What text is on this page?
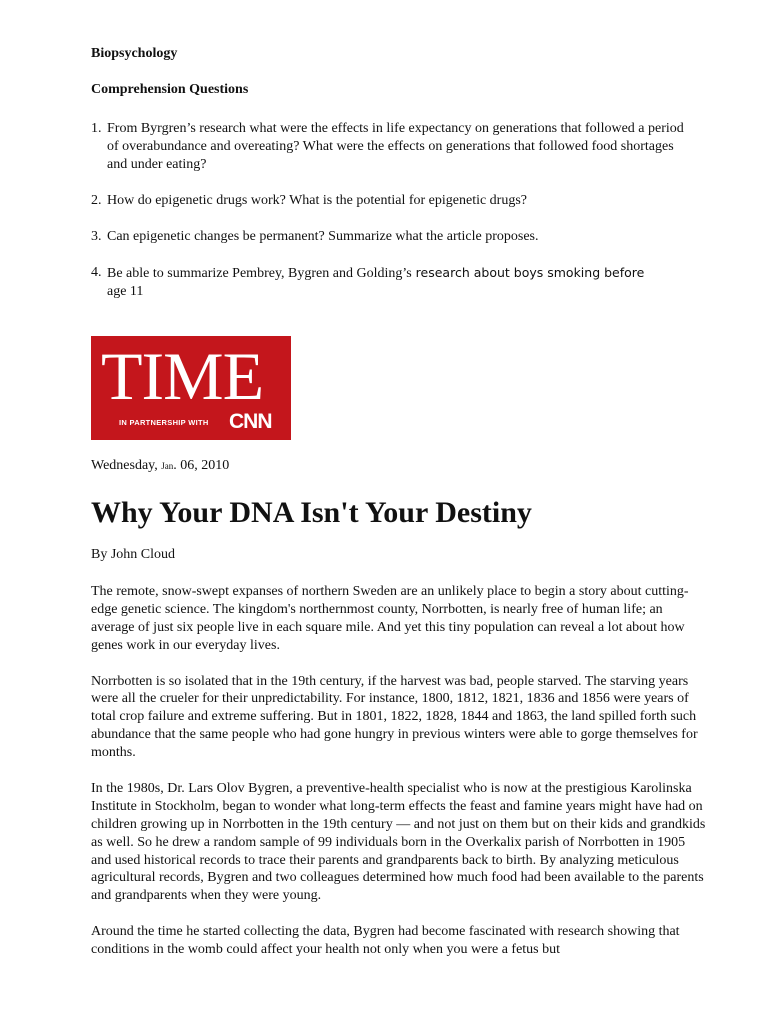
Biopsychology
Comprehension Questions
1. From Byrgren’s research what were the effects in life expectancy on generations that followed a period of overabundance and overeating? What were the effects on generations that followed food shortages and under eating?
2. How do epigenetic drugs work? What is the potential for epigenetic drugs?
3. Can epigenetic changes be permanent? Summarize what the article proposes.
4. Be able to summarize Pembrey, Bygren and Golding’s research about boys smoking before
age 11
TIME
IN PARTNERSHIP WITH CNN
Wednesday, Jan. 06, 2010
Why Your DNA Isn't Your Destiny
By John Cloud

The remote, snow-swept expanses of northern Sweden are an unlikely place to begin a story about cutting-edge genetic science. The kingdom's northernmost county, Norrbotten, is nearly free of human life; an average of just six people live in each square mile. And yet this tiny population can reveal a lot about how genes work in our everyday lives.

Norrbotten is so isolated that in the 19th century, if the harvest was bad, people starved. The starving years were all the crueler for their unpredictability. For instance, 1800, 1812, 1821, 1836 and 1856 were years of total crop failure and extreme suffering. But in 1801, 1822, 1828, 1844 and 1863, the land spilled forth such abundance that the same people who had gone hungry in previous winters were able to gorge themselves for months.

In the 1980s, Dr. Lars Olov Bygren, a preventive-health specialist who is now at the prestigious Karolinska Institute in Stockholm, began to wonder what long-term effects the feast and famine years might have had on children growing up in Norrbotten in the 19th century — and not just on them but on their kids and grandkids as well. So he drew a random sample of 99 individuals born in the Overkalix parish of Norrbotten in 1905 and used historical records to trace their parents and grandparents back to birth. By analyzing meticulous agricultural records, Bygren and two colleagues determined how much food had been available to the parents and grandparents when they were young.

Around the time he started collecting the data, Bygren had become fascinated with research showing that conditions in the womb could affect your health not only when you were a fetus but
